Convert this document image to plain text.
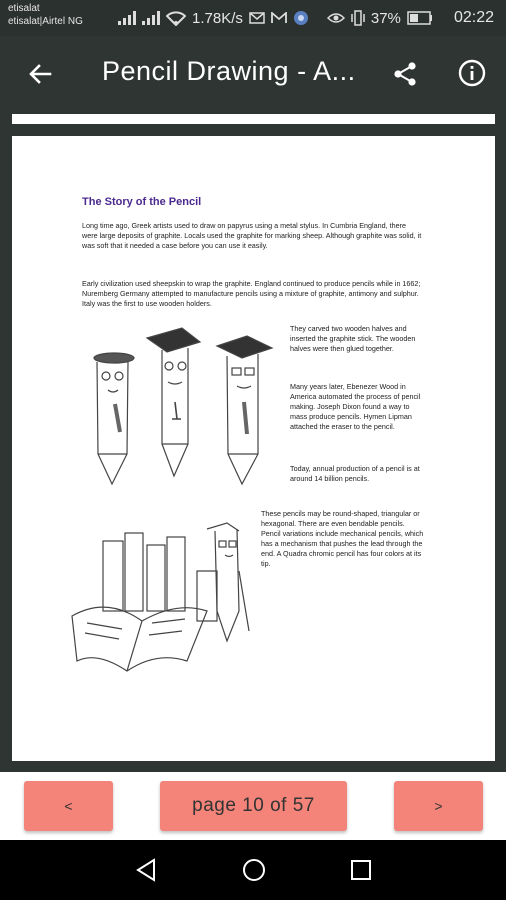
etisalat
etisalat|Airtel NG	1.78K/s	37%	02:22
Pencil Drawing - A...
The Story of the Pencil
Long time ago, Greek artists used to draw on papyrus using a metal stylus. In Cumbria England, there were large deposits of graphite. Locals used the graphite for marking sheep. Although graphite was solid, it was soft that it needed a case before you can use it easily.
Early civilization used sheepskin to wrap the graphite. England continued to produce pencils while in 1662; Nuremberg Germany attempted to manufacture pencils using a mixture of graphite, antimony and sulphur. Italy was the first to use wooden holders.
They carved two wooden halves and inserted the graphite stick. The wooden halves were then glued together.
Many years later, Ebenezer Wood in America automated the process of pencil making. Joseph Dixon found a way to mass produce pencils. Hymen Lipman attached the eraser to the pencil.
Today, annual production of a pencil is at around 14 billion pencils.
These pencils may be round-shaped, triangular or hexagonal. There are even bendable pencils. Pencil variations include mechanical pencils, which has a mechanism that pushes the lead through the end. A Quadra chromic pencil has four colors at its tip.
<	page 10 of 57	>
